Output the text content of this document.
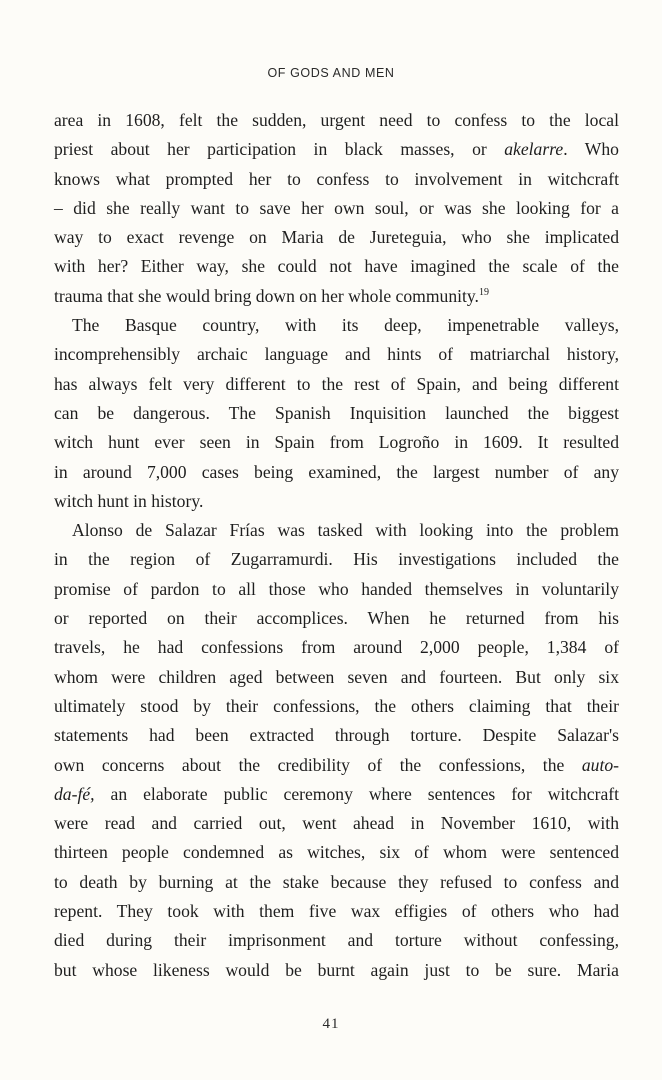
OF GODS AND MEN
area in 1608, felt the sudden, urgent need to confess to the local
priest about her participation in black masses, or akelarre. Who
knows what prompted her to confess to involvement in witchcraft
– did she really want to save her own soul, or was she looking for a
way to exact revenge on Maria de Jureteguia, who she implicated
with her? Either way, she could not have imagined the scale of the
trauma that she would bring down on her whole community.$^{19}$
The Basque country, with its deep, impenetrable valleys,
incomprehensibly archaic language and hints of matriarchal history,
has always felt very different to the rest of Spain, and being different
can be dangerous. The Spanish Inquisition launched the biggest
witch hunt ever seen in Spain from Logroño in 1609. It resulted
in around 7,000 cases being examined, the largest number of any
witch hunt in history.
Alonso de Salazar Frías was tasked with looking into the problem
in the region of Zugarramurdi. His investigations included the
promise of pardon to all those who handed themselves in voluntarily
or reported on their accomplices. When he returned from his
travels, he had confessions from around 2,000 people, 1,384 of
whom were children aged between seven and fourteen. But only six
ultimately stood by their confessions, the others claiming that their
statements had been extracted through torture. Despite Salazar's
own concerns about the credibility of the confessions, the auto-
da-fé, an elaborate public ceremony where sentences for witchcraft
were read and carried out, went ahead in November 1610, with
thirteen people condemned as witches, six of whom were sentenced
to death by burning at the stake because they refused to confess and
repent. They took with them five wax effigies of others who had
died during their imprisonment and torture without confessing,
but whose likeness would be burnt again just to be sure. Maria
41
